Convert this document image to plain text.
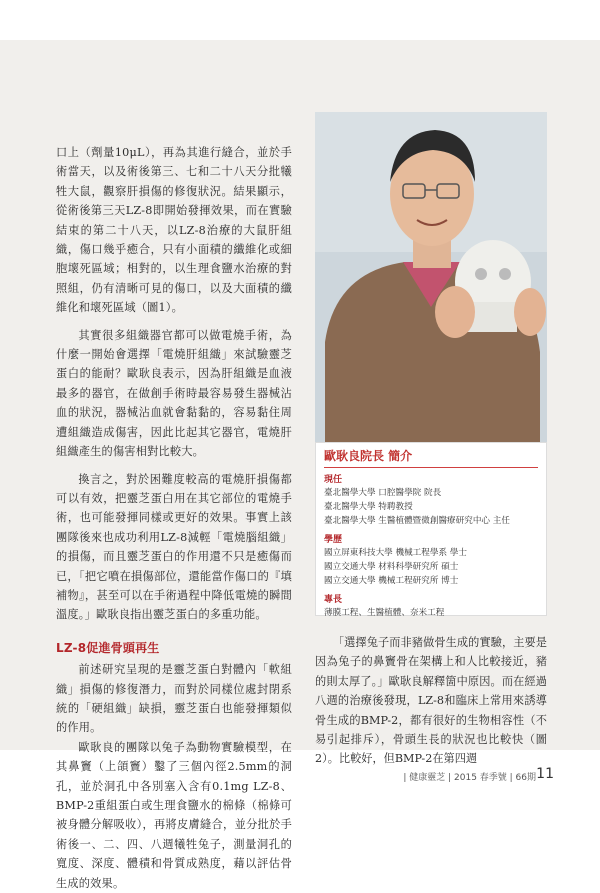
口上（劑量10μL），再為其進行縫合，並於手術當天，以及術後第三、七和二十八天分批犧牲大鼠，觀察肝損傷的修復狀況。結果顯示，從術後第三天LZ-8即開始發揮效果，而在實驗結束的第二十八天，以LZ-8治療的大鼠肝組織，傷口幾乎癒合，只有小面積的纖維化或細胞壞死區域；相對的，以生理食鹽水治療的對照組，仍有清晰可見的傷口，以及大面積的纖維化和壞死區域（圖1）。

其實很多組織器官都可以做電燒手術，為什麼一開始會選擇「電燒肝組織」來試驗靈芝蛋白的能耐？歐耿良表示，因為肝組織是血液最多的器官，在做創手術時最容易發生器械沾血的狀況，器械沾血就會黏黏的，容易黏住周遭組織造成傷害，因此比起其它器官，電燒肝組織產生的傷害相對比較大。

換言之，對於困難度較高的電燒肝損傷都可以有效，把靈芝蛋白用在其它部位的電燒手術，也可能發揮同樣或更好的效果。事實上該團隊後來也成功利用LZ-8減輕「電燒腦組織」的損傷，而且靈芝蛋白的作用還不只是癒傷而已，「把它噴在損傷部位，還能當作傷口的『填補物』，甚至可以在手術過程中降低電燒的瞬間溫度。」歐耿良指出靈芝蛋白的多重功能。

LZ-8促進骨頭再生

前述研究呈現的是靈芝蛋白對體內「軟組織」損傷的修復潛力，而對於同樣位處封閉系統的「硬組織」缺損，靈芝蛋白也能發揮類似的作用。

歐耿良的團隊以兔子為動物實驗模型，在其鼻竇（上頜竇）鑿了三個內徑2.5mm的洞孔，並於洞孔中各別塞入含有0.1mg LZ-8、BMP-2重組蛋白或生理食鹽水的棉條（棉條可被身體分解吸收），再將皮膚縫合，並分批於手術後一、二、四、八週犧牲兔子，測量洞孔的寬度、深度、體積和骨質成熟度，藉以評估骨生成的效果。

歐耿良院長 簡介
現任
臺北醫學大學 口腔醫學院 院長
臺北醫學大學 特聘教授
臺北醫學大學 生醫植體暨微創醫療研究中心 主任
學歷
國立屏東科技大學 機械工程學系 學士
國立交通大學 材料科學研究所 碩士
國立交通大學 機械工程研究所 博士
專長
薄膜工程、生醫植體、奈米工程

「選擇兔子而非豬做骨生成的實驗，主要是因為兔子的鼻竇骨在架構上和人比較接近，豬的則太厚了。」歐耿良解釋箇中原因。而在經過八週的治療後發現，LZ-8和臨床上常用來誘導骨生成的BMP-2，都有很好的生物相容性（不易引起排斥），骨頭生長的狀況也比較快（圖2）。比較好，但BMP-2在第四週

| 健康靈芝 | 2015 春季號 | 66期 11
